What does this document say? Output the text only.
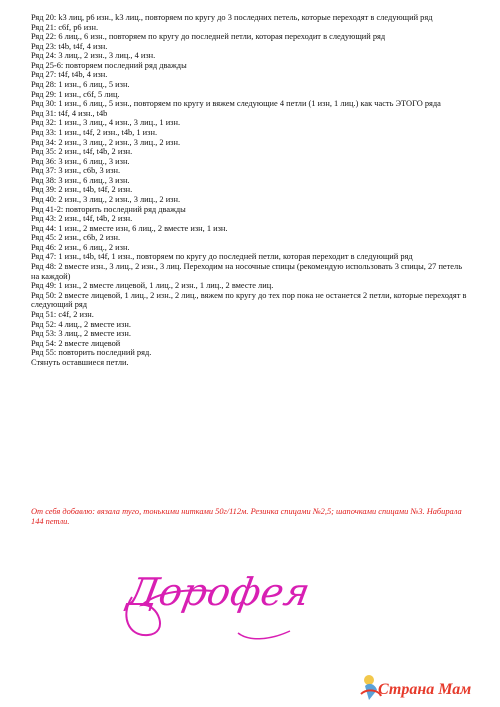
Ряд 20: k3 лиц, p6 изн., k3 лиц., повторяем по кругу до 3 последних петель, которые переходят в следующий ряд
Ряд 21: c6f, p6 изн.
Ряд 22: 6 лиц., 6 изн., повторяем по кругу до последней петли, которая переходит в следующий ряд
Ряд 23: t4b, t4f, 4 изн.
Ряд 24: 3 лиц., 2 изн., 3 лиц., 4 изн.
Ряд 25-6: повторяем последний ряд дважды
Ряд 27: t4f, t4b, 4 изн.
Ряд 28: 1 изн., 6 лиц., 5 изн.
Ряд 29: 1 изн., c6f, 5 лиц.
Ряд 30: 1 изн., 6 лиц., 5 изн., повторяем по кругу и вяжем следующие 4 петли (1 изн, 1 лиц.) как часть ЭТОГО ряда
Ряд 31: t4f, 4 изн., t4b
Ряд 32: 1 изн., 3 лиц., 4 изн., 3 лиц., 1 изн.
Ряд 33: 1 изн., t4f, 2 изн., t4b, 1 изн.
Ряд 34: 2 изн., 3 лиц., 2 изн., 3 лиц., 2 изн.
Ряд 35: 2 изн., t4f, t4b, 2 изн.
Ряд 36: 3 изн., 6 лиц., 3 изн.
Ряд 37: 3 изн., c6b, 3 изн.
Ряд 38: 3 изн., 6 лиц., 3 изн.
Ряд 39: 2 изн., t4b, t4f, 2 изн.
Ряд 40: 2 изн., 3 лиц., 2 изн., 3 лиц., 2 изн.
Ряд 41-2: повторить последний ряд дважды
Ряд 43: 2 изн., t4f, t4b, 2 изн.
Ряд 44: 1 изн., 2 вместе изн, 6 лиц., 2 вместе изн, 1 изн.
Ряд 45: 2 изн., c6b, 2 изн.
Ряд 46: 2 изн., 6 лиц., 2 изн.
Ряд 47: 1 изн., t4b, t4f, 1 изн., повторяем по кругу до последней петли, которая переходит в следующий ряд
Ряд 48: 2 вместе изн., 3 лиц., 2 изн., 3 лиц. Переходим на носочные спицы (рекомендую использовать 3 спицы, 27 петель на каждой)
Ряд 49: 1 изн., 2 вместе лицевой, 1 лиц., 2 изн., 1 лиц., 2 вместе лиц.
Ряд 50: 2 вместе лицевой, 1 лиц., 2 изн., 2 лиц., вяжем по кругу до тех пор пока не останется 2 петли, которые переходят в следующий ряд
Ряд 51: c4f, 2 изн.
Ряд 52: 4 лиц., 2 вместе изн.
Ряд 53: 3 лиц., 2 вместе изн.
Ряд 54: 2 вместе лицевой
Ряд 55: повторить последний ряд.
Стянуть оставшиеся петли.
От себя добавлю: вязала туго, тонькими нитками 50г/112м. Резинка спицами №2,5; шапочками спицами №3. Набирала 144 петли.
Дорофея
Страна Мам
